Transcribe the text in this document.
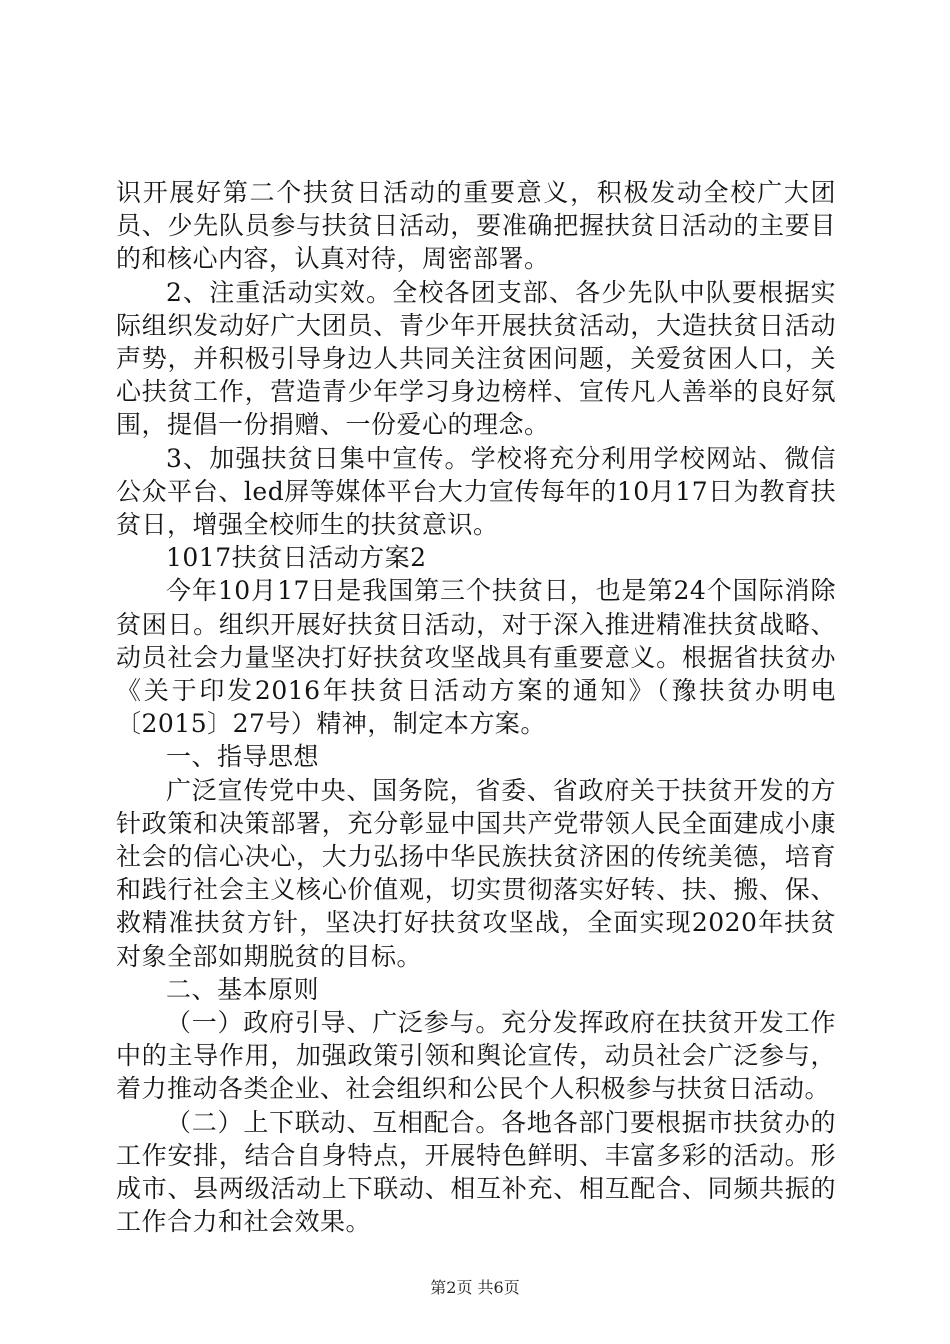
识开展好第二个扶贫日活动的重要意义，积极发动全校广大团员、少先队员参与扶贫日活动，要准确把握扶贫日活动的主要目的和核心内容，认真对待，周密部署。

2、注重活动实效。全校各团支部、各少先队中队要根据实际组织发动好广大团员、青少年开展扶贫活动，大造扶贫日活动声势，并积极引导身边人共同关注贫困问题，关爱贫困人口，关心扶贫工作，营造青少年学习身边榜样、宣传凡人善举的良好氛围，提倡一份捐赠、一份爱心的理念。

3、加强扶贫日集中宣传。学校将充分利用学校网站、微信公众平台、led屏等媒体平台大力宣传每年的10月17日为教育扶贫日，增强全校师生的扶贫意识。

1017扶贫日活动方案2

今年10月17日是我国第三个扶贫日，也是第24个国际消除贫困日。组织开展好扶贫日活动，对于深入推进精准扶贫战略、动员社会力量坚决打好扶贫攻坚战具有重要意义。根据省扶贫办《关于印发2016年扶贫日活动方案的通知》（豫扶贫办明电〔2015〕27号）精神，制定本方案。

一、指导思想

广泛宣传党中央、国务院，省委、省政府关于扶贫开发的方针政策和决策部署，充分彰显中国共产党带领人民全面建成小康社会的信心决心，大力弘扬中华民族扶贫济困的传统美德，培育和践行社会主义核心价值观，切实贯彻落实好转、扶、搬、保、救精准扶贫方针，坚决打好扶贫攻坚战，全面实现2020年扶贫对象全部如期脱贫的目标。

二、基本原则

（一）政府引导、广泛参与。充分发挥政府在扶贫开发工作中的主导作用，加强政策引领和舆论宣传，动员社会广泛参与，着力推动各类企业、社会组织和公民个人积极参与扶贫日活动。

（二）上下联动、互相配合。各地各部门要根据市扶贫办的工作安排，结合自身特点，开展特色鲜明、丰富多彩的活动。形成市、县两级活动上下联动、相互补充、相互配合、同频共振的工作合力和社会效果。

第2页 共6页
